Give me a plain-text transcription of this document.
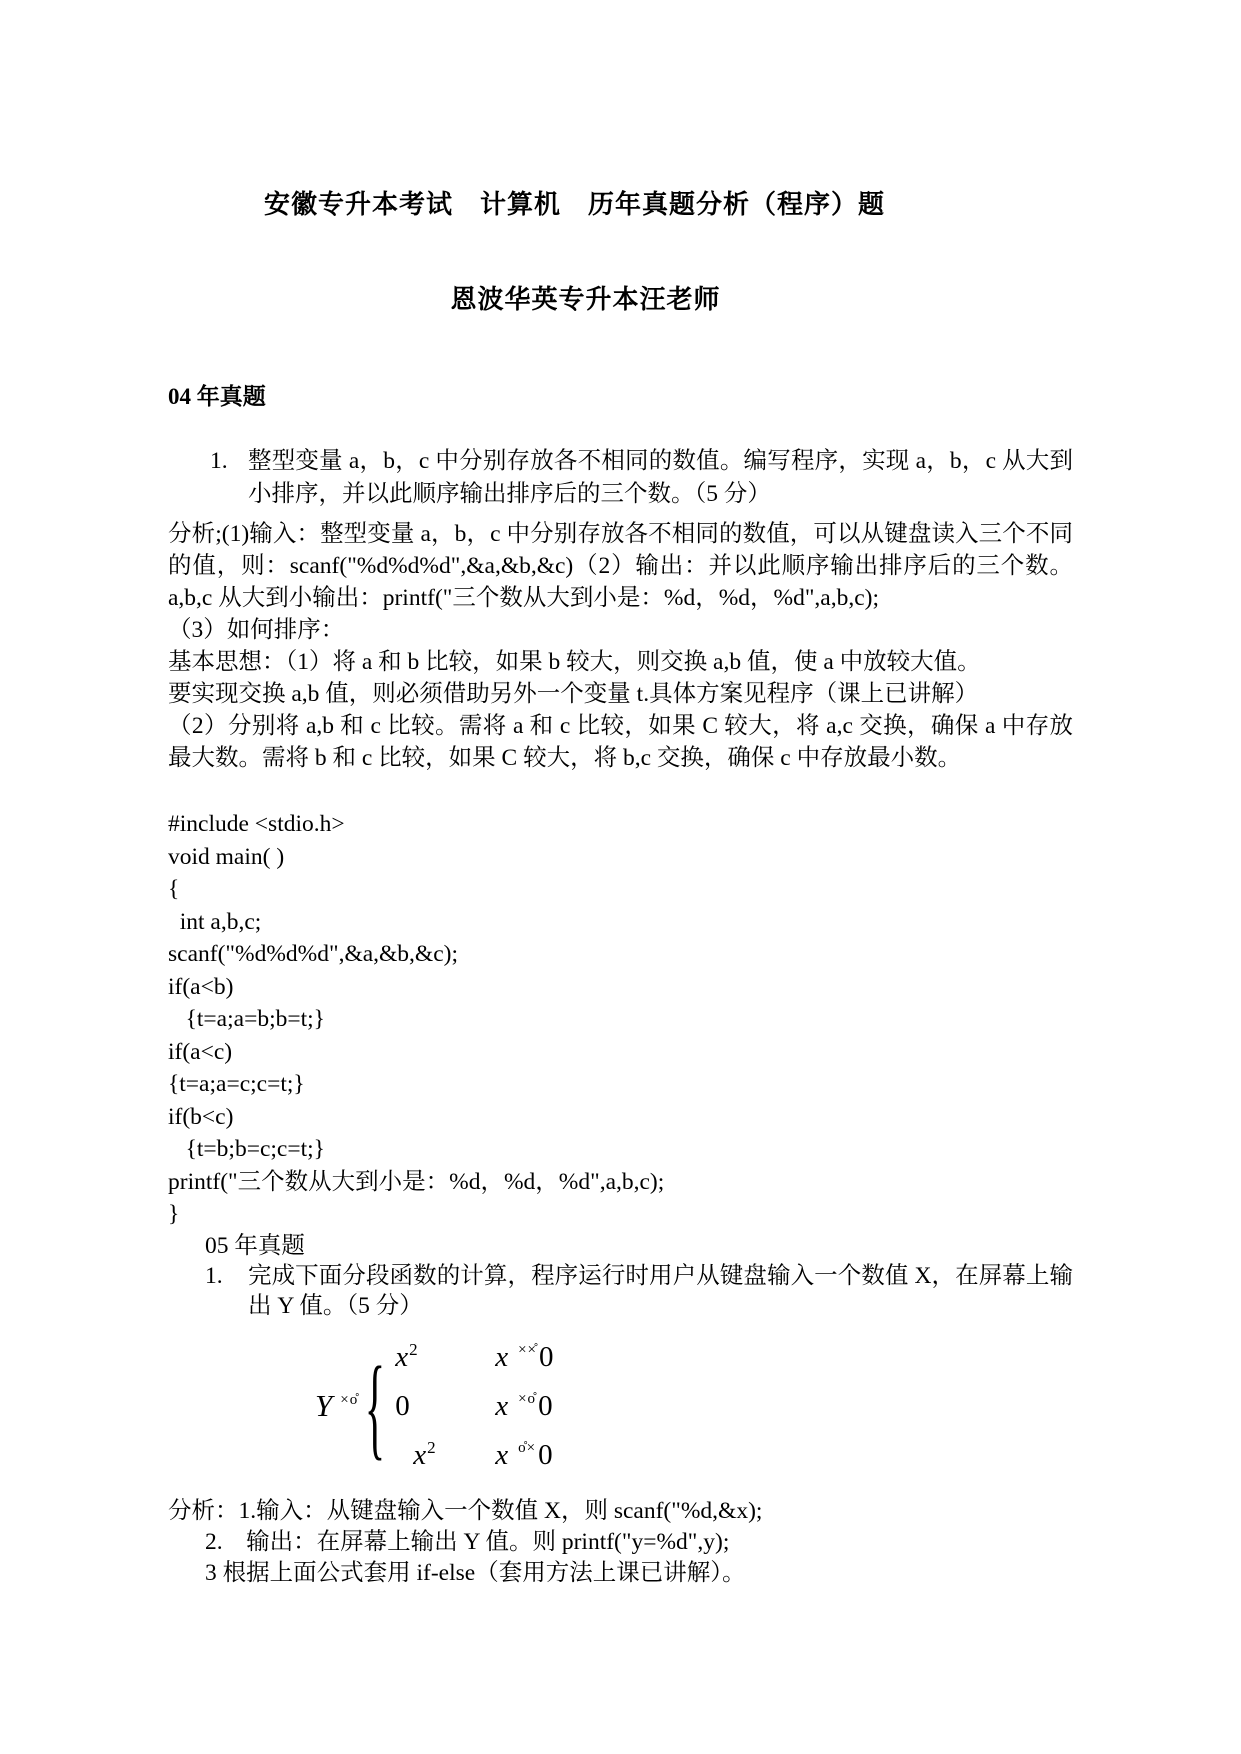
安徽专升本考试　计算机　历年真题分析（程序）题
恩波华英专升本汪老师
04 年真题
1. 整型变量 a，b，c 中分别存放各不相同的数值。编写程序，实现 a，b，c 从大到小排序，并以此顺序输出排序后的三个数。（5 分）

分析;(1)输入：整型变量 a，b，c 中分别存放各不相同的数值，可以从键盘读入三个不同的值，则：scanf("%d%d%d",&a,&b,&c)（2）输出：并以此顺序输出排序后的三个数。a,b,c 从大到小输出：printf("三个数从大到小是：%d，%d，%d",a,b,c);

（3）如何排序：

基本思想：（1）将 a 和 b 比较，如果 b 较大，则交换 a,b 值，使 a 中放较大值。

要实现交换 a,b 值，则必须借助另外一个变量 t.具体方案见程序（课上已讲解）

（2）分别将 a,b 和 c 比较。需将 a 和 c 比较，如果 C 较大，将 a,c 交换，确保 a 中存放最大数。需将 b 和 c 比较，如果 C 较大，将 b,c 交换，确保 c 中存放最小数。

#include <stdio.h>
void main( )
{
int a,b,c;
scanf("%d%d%d",&a,&b,&c);
if(a<b)
{t=a;a=b;b=t;}
if(a<c)
{t=a;a=c;c=t;}
if(b<c)
{t=b;b=c;c=t;}
printf("三个数从大到小是：%d，%d，%d",a,b,c);
}

05 年真题

1. 完成下面分段函数的计算，程序运行时用户从键盘输入一个数值 X，在屏幕上输出 Y 值。（5 分）
Y ×o̊ { $x^2$	x ××̊ 0
0	x ×o̊ 0
$x^2$	x o̊× 0

分析：1.输入：从键盘输入一个数值 X，则 scanf("%d,&x);

2.　输出：在屏幕上输出 Y 值。则 printf("y=%d",y);

3 根据上面公式套用 if-else（套用方法上课已讲解）。
